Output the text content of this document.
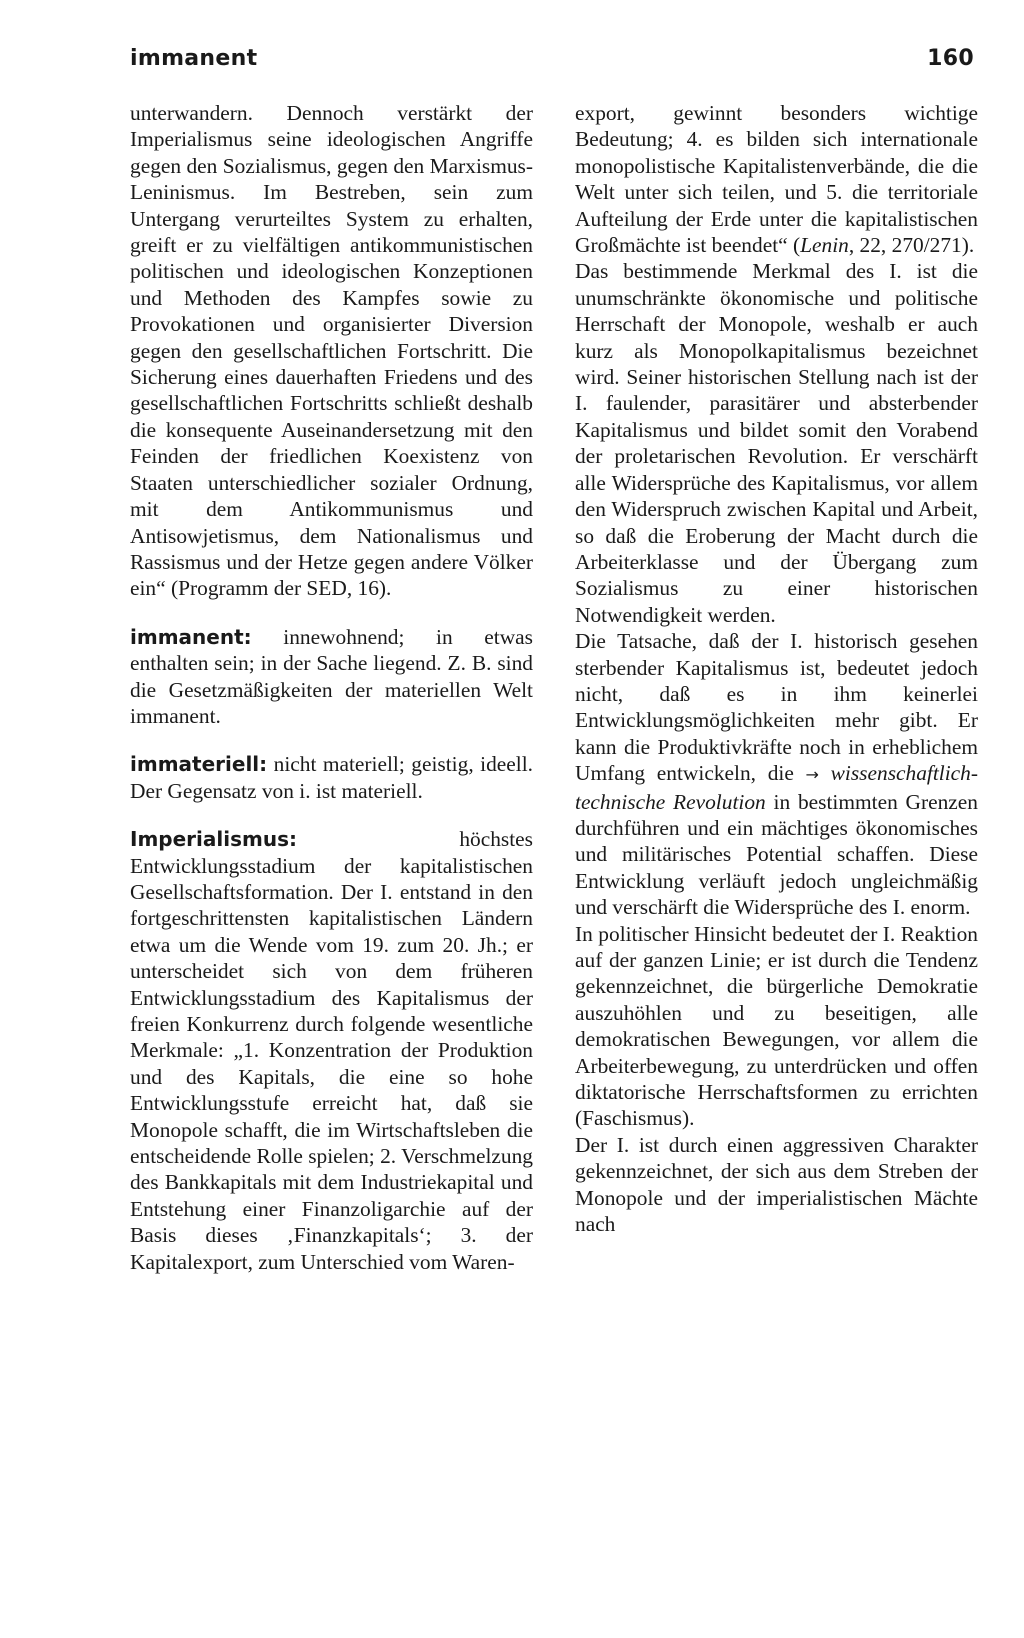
immanent	160

unterwandern. Dennoch verstärkt der Imperialismus seine ideologischen Angriffe gegen den Sozialismus, gegen den Marxismus-Leninismus. Im Bestreben, sein zum Untergang verurteiltes System zu erhalten, greift er zu vielfältigen antikommunistischen politischen und ideologischen Konzeptionen und Methoden des Kampfes sowie zu Provokationen und organisierter Diversion gegen den gesellschaftlichen Fortschritt. Die Sicherung eines dauerhaften Friedens und des gesellschaftlichen Fortschritts schließt deshalb die konsequente Auseinandersetzung mit den Feinden der friedlichen Koexistenz von Staaten unterschiedlicher sozialer Ordnung, mit dem Antikommunismus und Antisowjetismus, dem Nationalismus und Rassismus und der Hetze gegen andere Völker ein“ (Programm der SED, 16).

immanent: innewohnend; in etwas enthalten sein; in der Sache liegend. Z. B. sind die Gesetzmäßigkeiten der materiellen Welt immanent.

immateriell: nicht materiell; geistig, ideell. Der Gegensatz von i. ist materiell.

Imperialismus: höchstes Entwicklungsstadium der kapitalistischen Gesellschaftsformation. Der I. entstand in den fortgeschrittensten kapitalistischen Ländern etwa um die Wende vom 19. zum 20. Jh.; er unterscheidet sich von dem früheren Entwicklungsstadium des Kapitalismus der freien Konkurrenz durch folgende wesentliche Merkmale: „1. Konzentration der Produktion und des Kapitals, die eine so hohe Entwicklungsstufe erreicht hat, daß sie Monopole schafft, die im Wirtschaftsleben die entscheidende Rolle spielen; 2. Verschmelzung des Bankkapitals mit dem Industriekapital und Entstehung einer Finanzoligarchie auf der Basis dieses ‚Finanzkapitals‘; 3. der Kapitalexport, zum Unterschied vom Waren-

export, gewinnt besonders wichtige Bedeutung; 4. es bilden sich internationale monopolistische Kapitalistenverbände, die die Welt unter sich teilen, und 5. die territoriale Aufteilung der Erde unter die kapitalistischen Großmächte ist beendet“ (Lenin, 22, 270/271).

Das bestimmende Merkmal des I. ist die unumschränkte ökonomische und politische Herrschaft der Monopole, weshalb er auch kurz als Monopolkapitalismus bezeichnet wird. Seiner historischen Stellung nach ist der I. faulender, parasitärer und absterbender Kapitalismus und bildet somit den Vorabend der proletarischen Revolution. Er verschärft alle Widersprüche des Kapitalismus, vor allem den Widerspruch zwischen Kapital und Arbeit, so daß die Eroberung der Macht durch die Arbeiterklasse und der Übergang zum Sozialismus zu einer historischen Notwendigkeit werden.

Die Tatsache, daß der I. historisch gesehen sterbender Kapitalismus ist, bedeutet jedoch nicht, daß es in ihm keinerlei Entwicklungsmöglichkeiten mehr gibt. Er kann die Produktivkräfte noch in erheblichem Umfang entwickeln, die → wissenschaftlich-technische Revolution in bestimmten Grenzen durchführen und ein mächtiges ökonomisches und militärisches Potential schaffen. Diese Entwicklung verläuft jedoch ungleichmäßig und verschärft die Widersprüche des I. enorm.

In politischer Hinsicht bedeutet der I. Reaktion auf der ganzen Linie; er ist durch die Tendenz gekennzeichnet, die bürgerliche Demokratie auszuhöhlen und zu beseitigen, alle demokratischen Bewegungen, vor allem die Arbeiterbewegung, zu unterdrücken und offen diktatorische Herrschaftsformen zu errichten (Faschismus).

Der I. ist durch einen aggressiven Charakter gekennzeichnet, der sich aus dem Streben der Monopole und der imperialistischen Mächte nach
